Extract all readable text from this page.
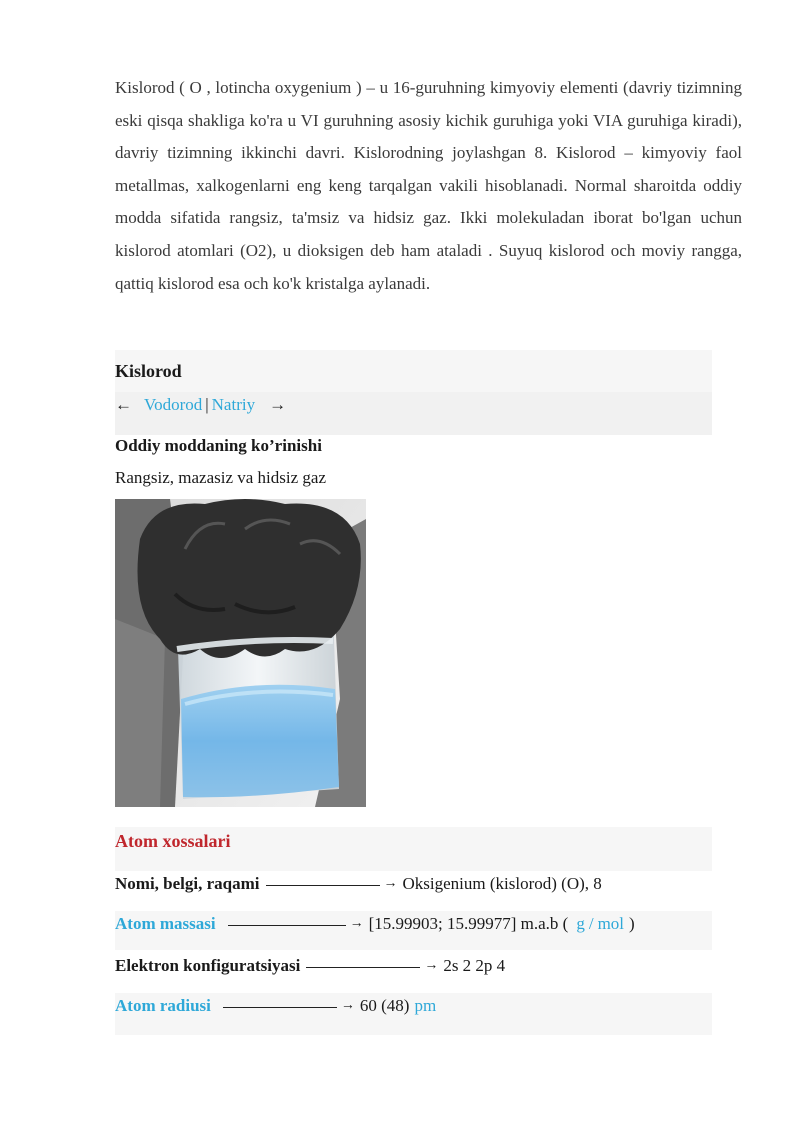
Kislorod ( O , lotincha oxygenium ) – u 16-guruhning kimyoviy elementi (davriy tizimning eski qisqa shakliga ko'ra u VI guruhning asosiy kichik guruhiga yoki VIA guruhiga kiradi), davriy tizimning ikkinchi davri. Kislorodning joylashgan 8. Kislorod – kimyoviy faol metallmas, xalkogenlarni eng keng tarqalgan vakili hisoblanadi. Normal sharoitda oddiy modda sifatida rangsiz, ta'msiz va hidsiz gaz. Ikki molekuladan iborat bo'lgan uchun kislorod atomlari (O2), u dioksigen deb ham ataladi . Suyuq kislorod och moviy rangga, qattiq kislorod esa och ko'k kristalga aylanadi.

Kislorod
← Vodorod | Natriy →
Oddiy moddaning ko’rinishi
Rangsiz, mazasiz va hidsiz gaz
Atom xossalari
Nomi, belgi, raqami	→ Oksigenium (kislorod) (O), 8
Atom massasi	→ [15.99903; 15.99977] m.a.b ( g / mol )
Elektron konfiguratsiyasi	→ 2s 2 2p 4
Atom radiusi	→ 60 (48) pm
